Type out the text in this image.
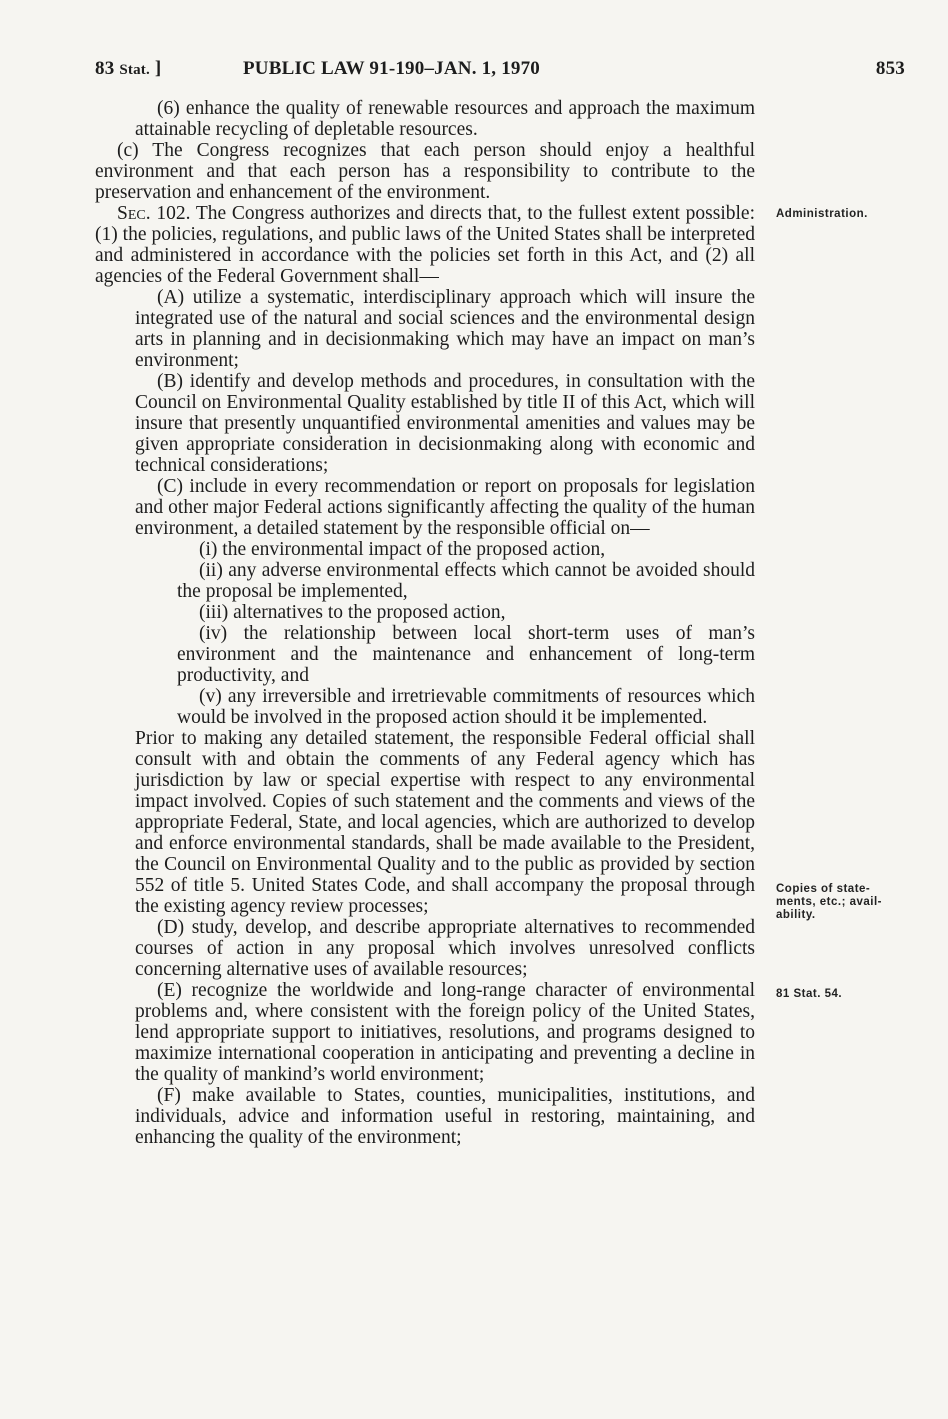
83 Stat. ]	PUBLIC LAW 91-190–JAN. 1, 1970	853

(6) enhance the quality of renewable resources and approach the maximum attainable recycling of depletable resources.

(c) The Congress recognizes that each person should enjoy a healthful environment and that each person has a responsibility to contribute to the preservation and enhancement of the environment.

Sec. 102. The Congress authorizes and directs that, to the fullest extent possible: (1) the policies, regulations, and public laws of the United States shall be interpreted and administered in accordance with the policies set forth in this Act, and (2) all agencies of the Federal Government shall—

(A) utilize a systematic, interdisciplinary approach which will insure the integrated use of the natural and social sciences and the environmental design arts in planning and in decisionmaking which may have an impact on man’s environment;

(B) identify and develop methods and procedures, in consultation with the Council on Environmental Quality established by title II of this Act, which will insure that presently unquantified environmental amenities and values may be given appropriate consideration in decisionmaking along with economic and technical considerations;

(C) include in every recommendation or report on proposals for legislation and other major Federal actions significantly affecting the quality of the human environment, a detailed statement by the responsible official on—

(i) the environmental impact of the proposed action,

(ii) any adverse environmental effects which cannot be avoided should the proposal be implemented,

(iii) alternatives to the proposed action,

(iv) the relationship between local short-term uses of man’s environment and the maintenance and enhancement of long-term productivity, and

(v) any irreversible and irretrievable commitments of resources which would be involved in the proposed action should it be implemented.

Prior to making any detailed statement, the responsible Federal official shall consult with and obtain the comments of any Federal agency which has jurisdiction by law or special expertise with respect to any environmental impact involved. Copies of such statement and the comments and views of the appropriate Federal, State, and local agencies, which are authorized to develop and enforce environmental standards, shall be made available to the President, the Council on Environmental Quality and to the public as provided by section 552 of title 5. United States Code, and shall accompany the proposal through the existing agency review processes;

(D) study, develop, and describe appropriate alternatives to recommended courses of action in any proposal which involves unresolved conflicts concerning alternative uses of available resources;

(E) recognize the worldwide and long-range character of environmental problems and, where consistent with the foreign policy of the United States, lend appropriate support to initiatives, resolutions, and programs designed to maximize international cooperation in anticipating and preventing a decline in the quality of mankind’s world environment;

(F) make available to States, counties, municipalities, institutions, and individuals, advice and information useful in restoring, maintaining, and enhancing the quality of the environment;

Administration.
Copies of state-
ments, etc.; avail-
ability.
81 Stat. 54.
